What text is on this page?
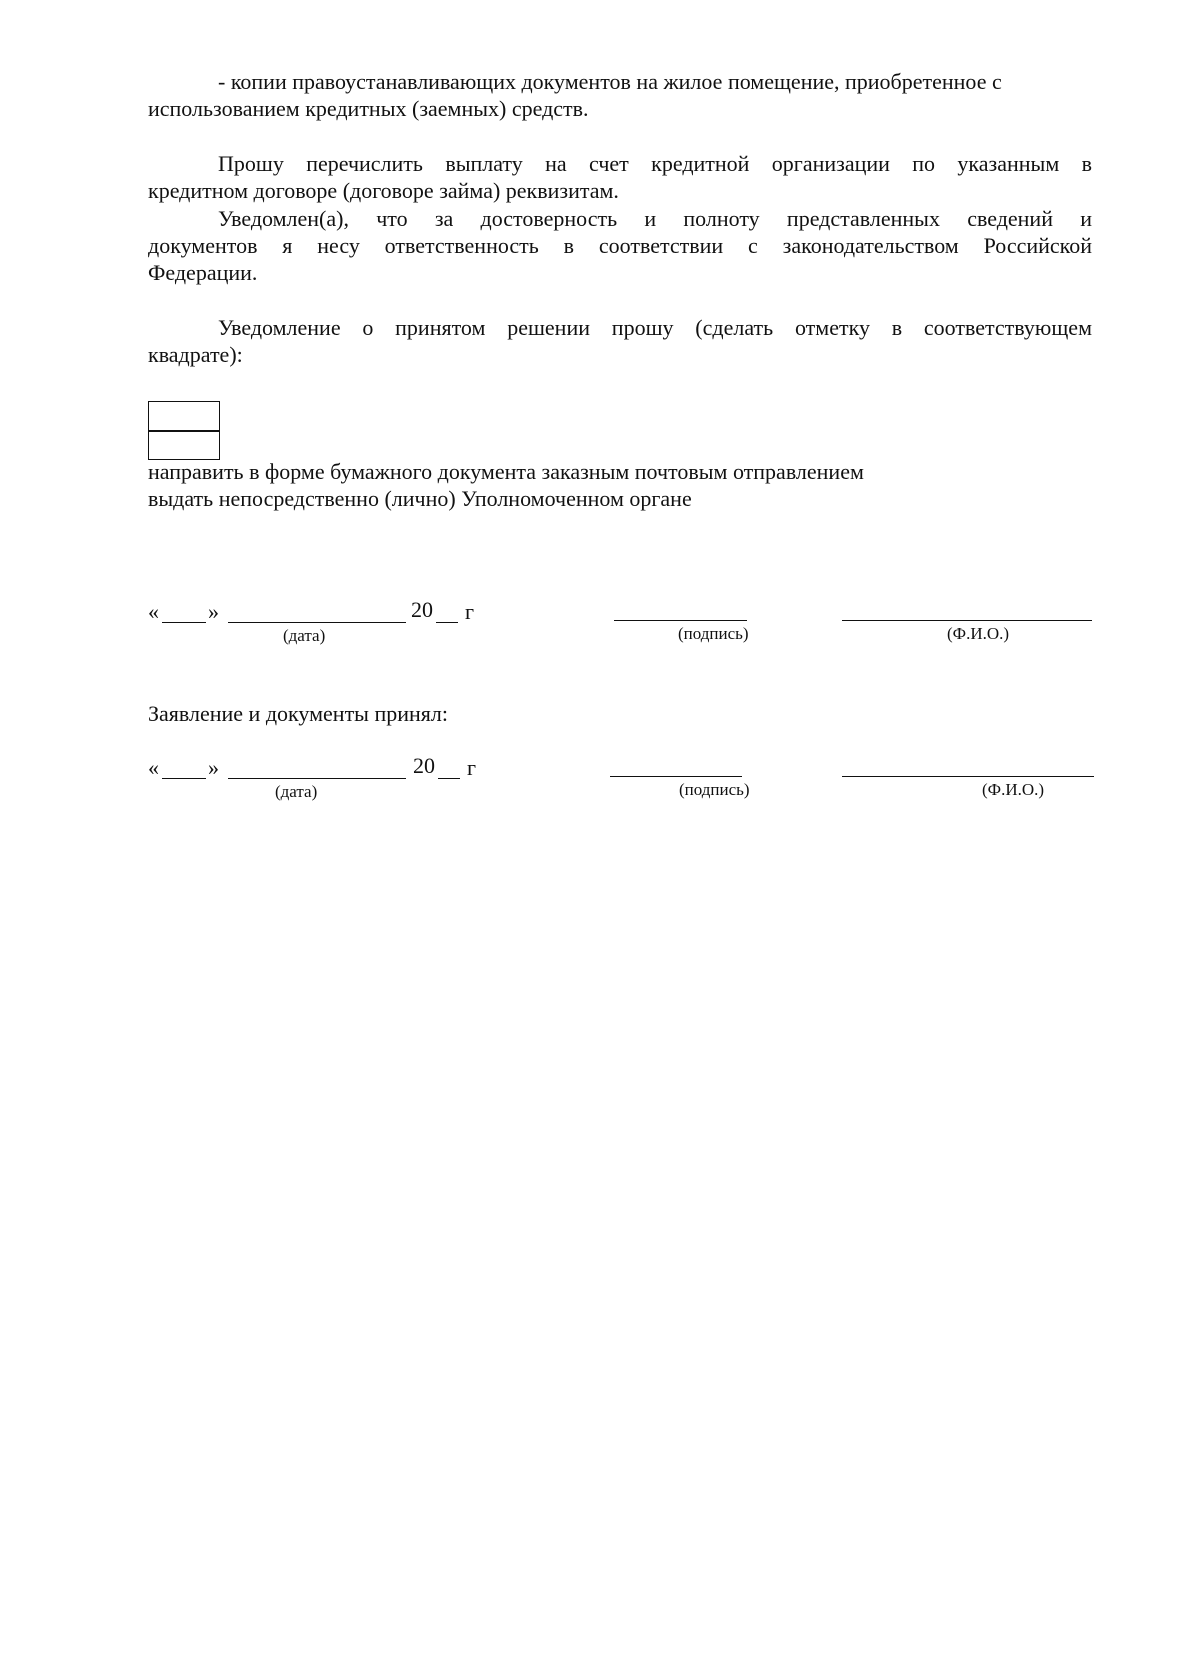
- копии правоустанавливающих документов на жилое помещение, приобретенное с
использованием кредитных (заемных) средств.
Прошу перечислить выплату на счет кредитной организации по указанным в
кредитном договоре (договоре займа) реквизитам.
Уведомлен(а), что за достоверность и полноту представленных сведений и
документов я несу ответственность в соответствии с законодательством Российской
Федерации.
Уведомление о принятом решении прошу (сделать отметку в соответствующем
квадрате):
направить в форме бумажного документа заказным почтовым отправлением
выдать непосредственно (лично) Уполномоченном органе
« »	20 г
(дата)	(подпись)	(Ф.И.О.)
Заявление и документы принял:
« »	20 г
(дата)	(подпись)	(Ф.И.О.)
